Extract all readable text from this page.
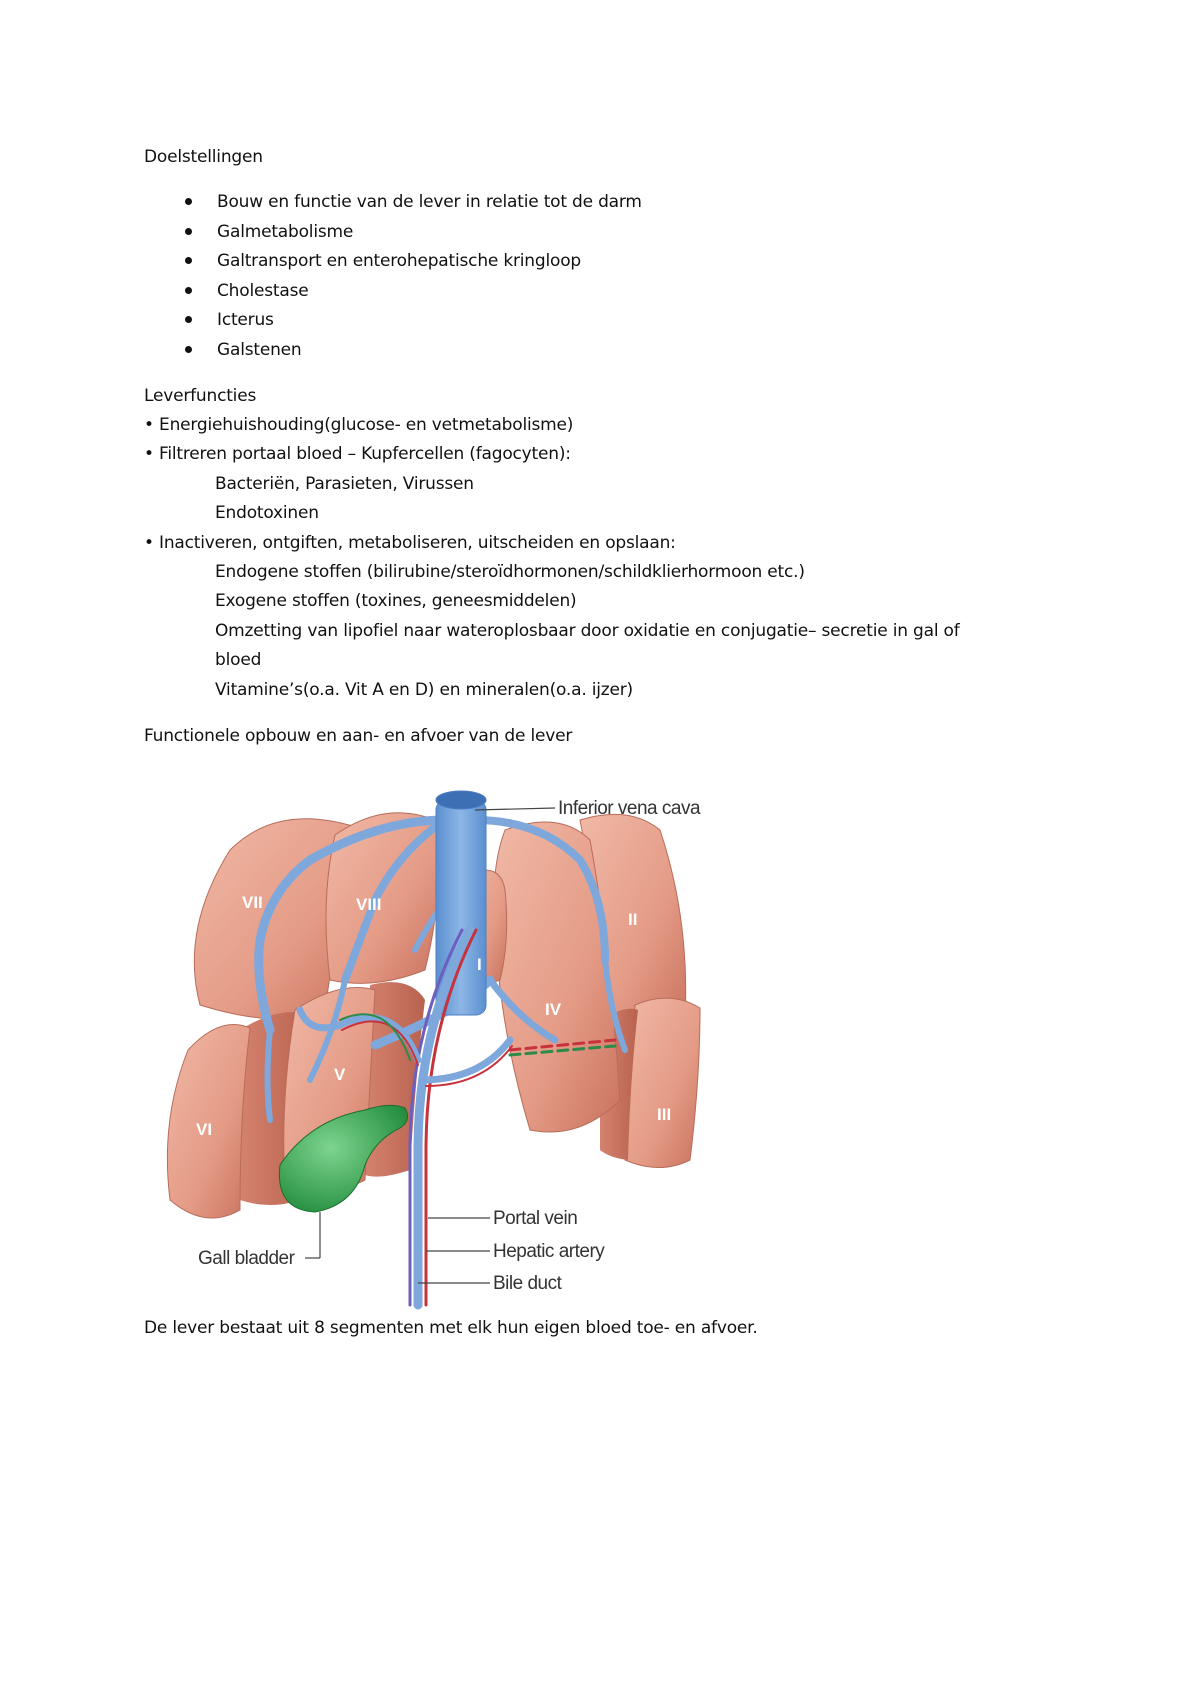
Doelstellingen
Bouw en functie van de lever in relatie tot de darm
Galmetabolisme
Galtransport en enterohepatische kringloop
Cholestase
Icterus
Galstenen
Leverfuncties
• Energiehuishouding(glucose- en vetmetabolisme)
• Filtreren portaal bloed – Kupfercellen (fagocyten):
Bacteriën, Parasieten, Virussen
Endotoxinen
• Inactiveren, ontgiften, metaboliseren, uitscheiden en opslaan:
Endogene stoffen (bilirubine/steroïdhormonen/schildklierhormoon etc.)
Exogene stoffen (toxines, geneesmiddelen)
Omzetting van lipofiel naar wateroplosbaar door oxidatie en conjugatie– secretie in gal of
bloed
Vitamine’s(o.a. Vit A en D) en mineralen(o.a. ijzer)
Functionele opbouw en aan- en afvoer van de lever
VII	VIII
II
I
IV
V
VI
III
Inferior vena cava
Portal vein
Hepatic artery
Bile duct
Gall bladder
De lever bestaat uit 8 segmenten met elk hun eigen bloed toe- en afvoer.
